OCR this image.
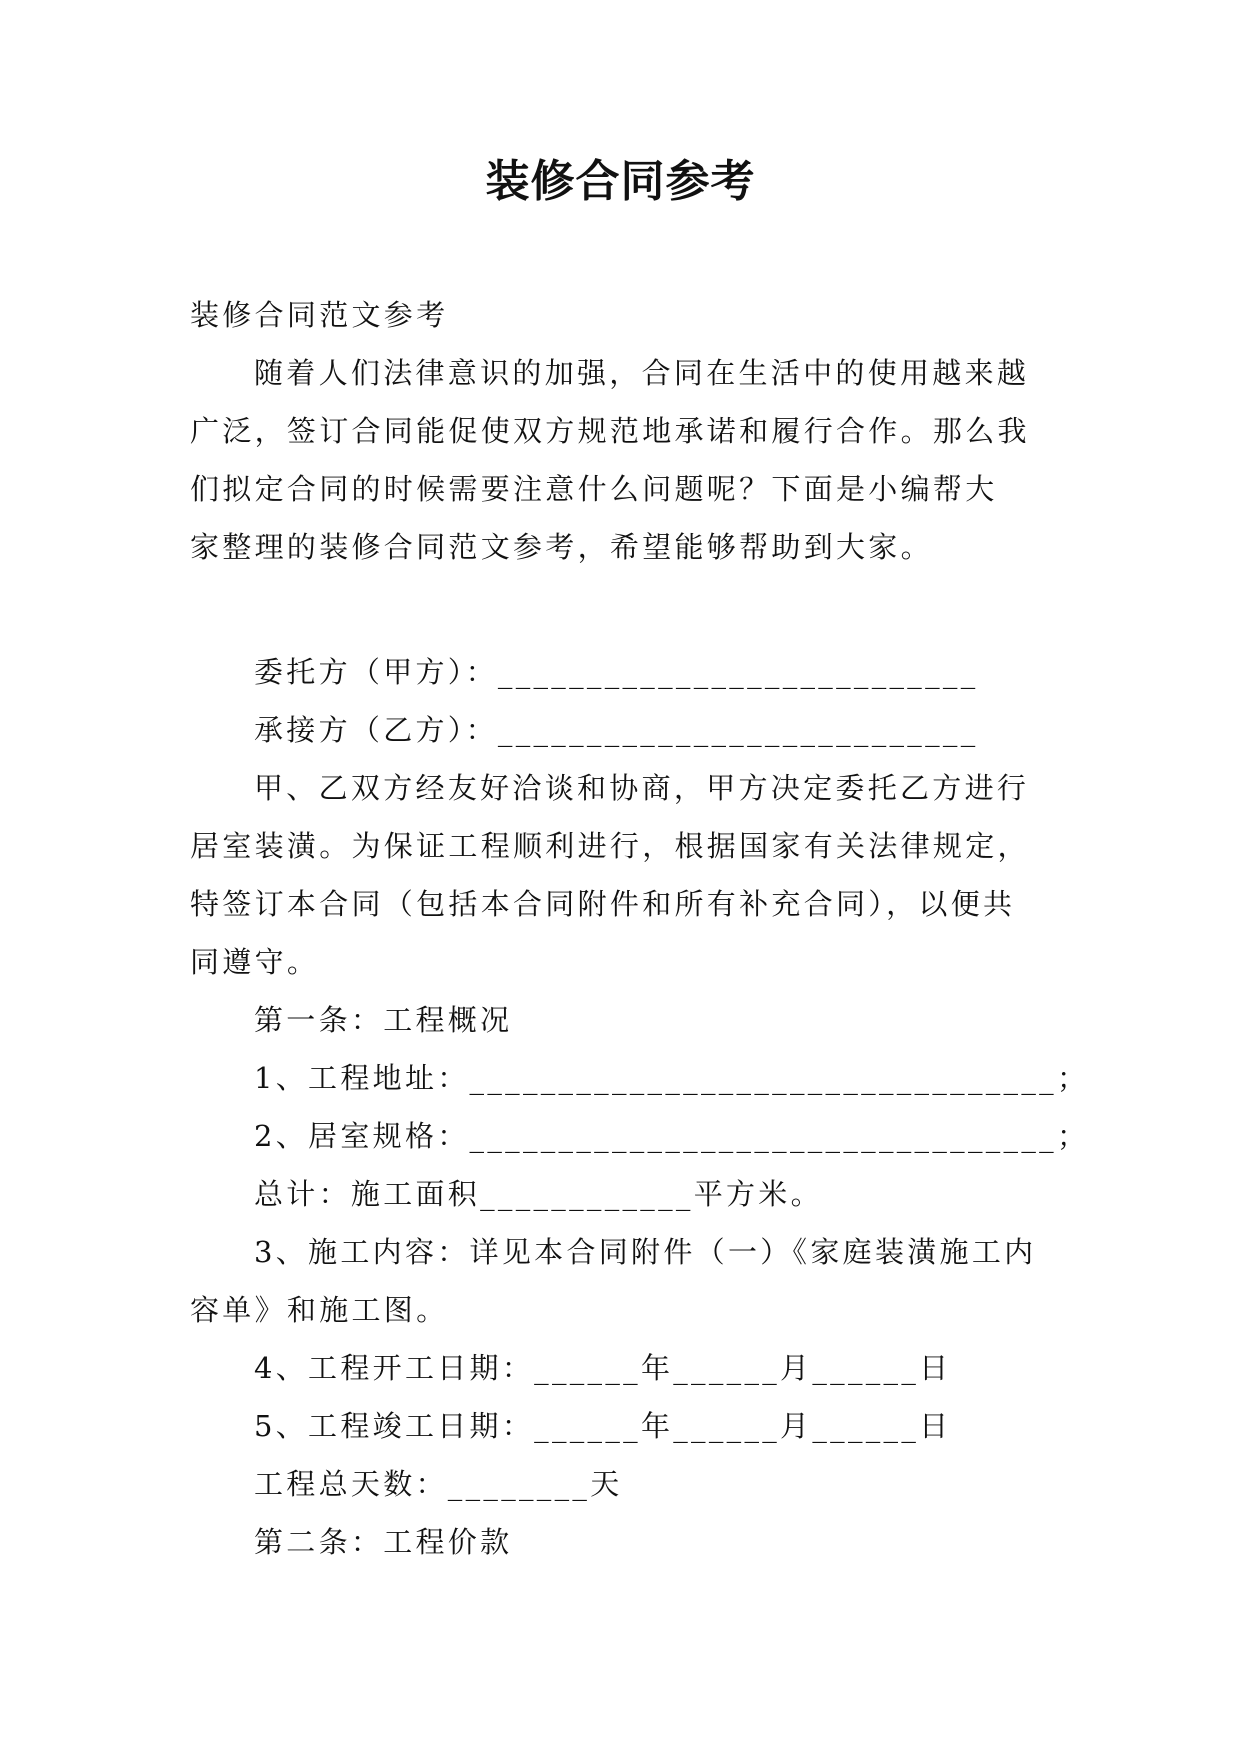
装修合同参考
装修合同范文参考
随着人们法律意识的加强，合同在生活中的使用越来越
广泛，签订合同能促使双方规范地承诺和履行合作。那么我
们拟定合同的时候需要注意什么问题呢？下面是小编帮大
家整理的装修合同范文参考，希望能够帮助到大家。
委托方（甲方）：___________________________
承接方（乙方）：___________________________
甲、乙双方经友好洽谈和协商，甲方决定委托乙方进行
居室装潢。为保证工程顺利进行，根据国家有关法律规定，
特签订本合同（包括本合同附件和所有补充合同），以便共
同遵守。
第一条：工程概况
1、工程地址：_________________________________；
2、居室规格：_________________________________；
总计：施工面积____________平方米。
3、施工内容：详见本合同附件（一）《家庭装潢施工内
容单》和施工图。
4、工程开工日期：______年______月______日
5、工程竣工日期：______年______月______日
工程总天数：________天
第二条：工程价款
